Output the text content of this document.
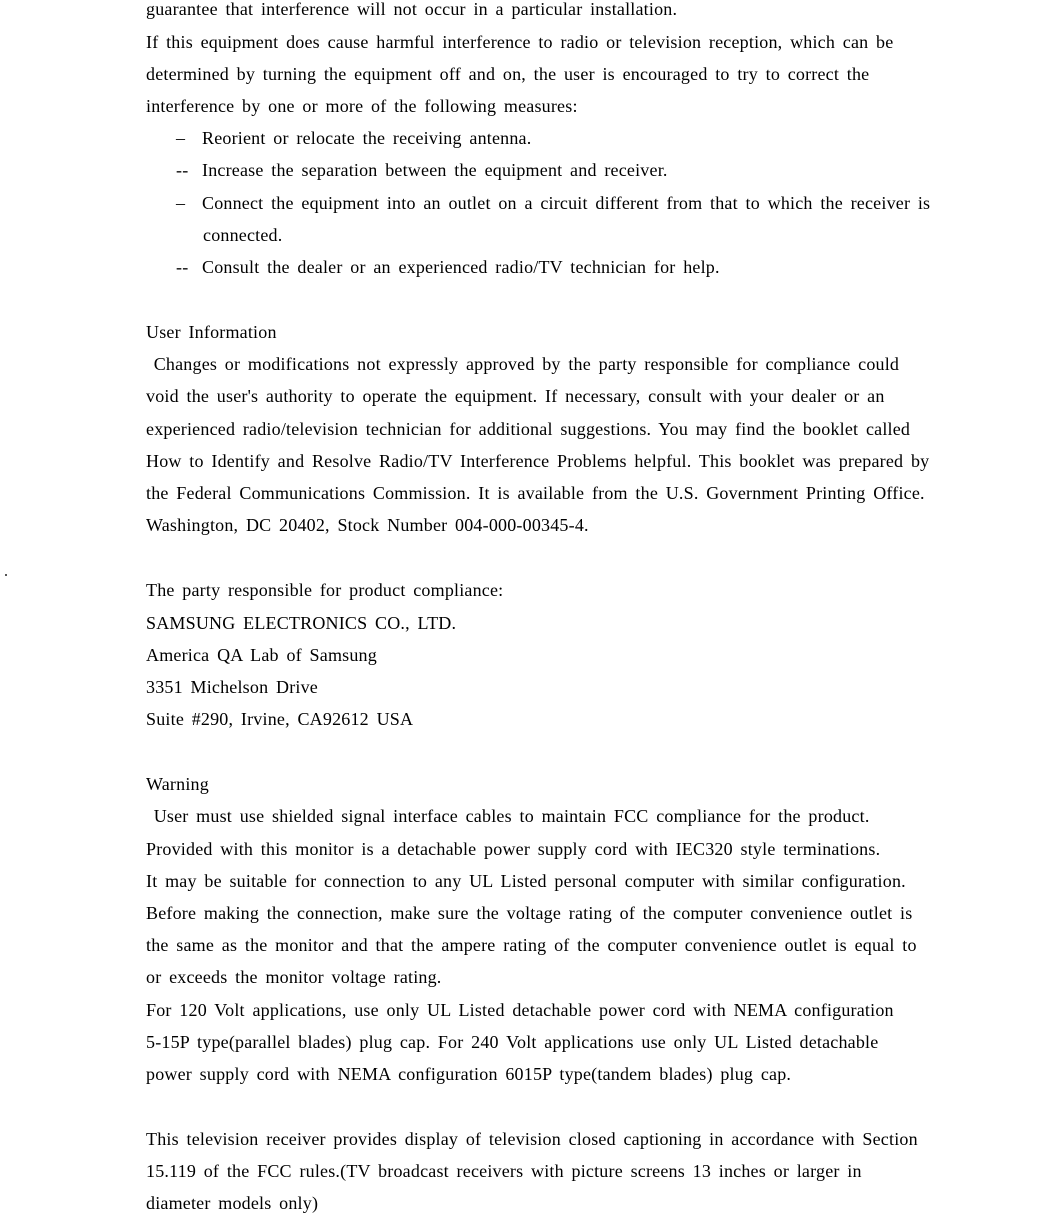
guarantee that interference will not occur in a particular installation.
If this equipment does cause harmful interference to radio or television reception, which can be
determined by turning the equipment off and on, the user is encouraged to try to correct the
interference by one or more of the following measures:
– Reorient or relocate the receiving antenna.
-- Increase the separation between the equipment and receiver.
– Connect the equipment into an outlet on a circuit different from that to which the receiver is
connected.
-- Consult the dealer or an experienced radio/TV technician for help.
User Information
Changes or modifications not expressly approved by the party responsible for compliance could
void the user's authority to operate the equipment. If necessary, consult with your dealer or an
experienced radio/television technician for additional suggestions. You may find the booklet called
How to Identify and Resolve Radio/TV Interference Problems helpful. This booklet was prepared by
the Federal Communications Commission. It is available from the U.S. Government Printing Office.
Washington, DC 20402, Stock Number 004-000-00345-4.
The party responsible for product compliance:
SAMSUNG ELECTRONICS CO., LTD.
America QA Lab of Samsung
3351 Michelson Drive
Suite #290, Irvine, CA92612 USA
Warning
User must use shielded signal interface cables to maintain FCC compliance for the product.
Provided with this monitor is a detachable power supply cord with IEC320 style terminations.
It may be suitable for connection to any UL Listed personal computer with similar configuration.
Before making the connection, make sure the voltage rating of the computer convenience outlet is
the same as the monitor and that the ampere rating of the computer convenience outlet is equal to
or exceeds the monitor voltage rating.
For 120 Volt applications, use only UL Listed detachable power cord with NEMA configuration
5-15P type(parallel blades) plug cap. For 240 Volt applications use only UL Listed detachable
power supply cord with NEMA configuration 6015P type(tandem blades) plug cap.
This television receiver provides display of television closed captioning in accordance with Section
15.119 of the FCC rules.(TV broadcast receivers with picture screens 13 inches or larger in
diameter models only)
